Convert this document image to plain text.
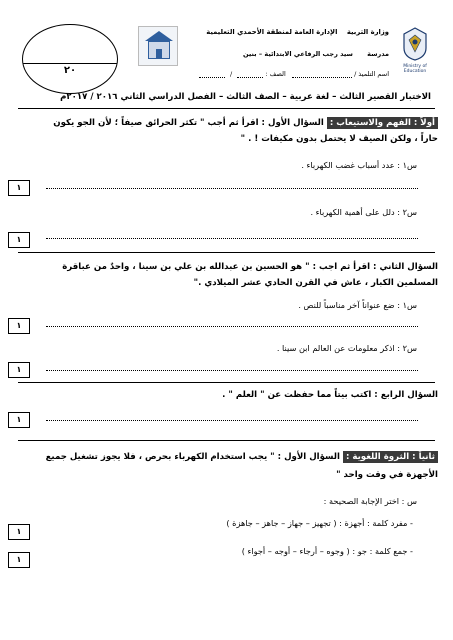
٢٠	Ministry of Education
وزارة التربية    الإدارة العامة لمنطقة الأحمدي التعليمية
مدرسة سيد رجب الرفاعي الابتدائية – بنين
اسم التلميذ /    الصف :  /
الاختبار القصير الثالث – لغة عربية – الصف الثالث – الفصل الدراسي الثاني ٢٠١٦ / ٢٠١٧م
أولاً : الفهم والاستيعاب : السؤال الأول : اقرأ ثم أجب " تكثر الحرائق صيفاً ؛ لأن الجو يكون
حاراً ، ولكن الصيف لا يحتمل بدون مكيفات ! . "
س١ : عدد أسباب غضب الكهرباء .
١
س٢ : دلل على أهمية الكهرباء .
١
السؤال الثاني : اقرأ ثم اجب : " هو الحسين بن عبدالله بن علي بن سينا ، واحدٌ من عباقرة
المسلمين الكبار ، عاش في القرن الحادي عشر الميلادي ."
س١ : ضع عنواناً آخر مناسباً للنص .
١
س٢ : اذكر معلومات عن العالم ابن سينا .
١
السؤال الرابع : اكتب بيتاً مما حفظت عن " العلم " .
١
ثانياً : الثروة اللغوية : السؤال الأول : " يجب استخدام الكهرباء بحرص ، فلا يجوز تشغيل جميع
الأجهزة في وقت واحد "
س : اختر الإجابة الصحيحة :
- مفرد كلمة : أجهزة : ( تجهيز – جهاز – جاهز – جاهزة )
١
- جمع كلمة : جو : ( وجوه – أرجاء – أوجه – أجواء )
١
